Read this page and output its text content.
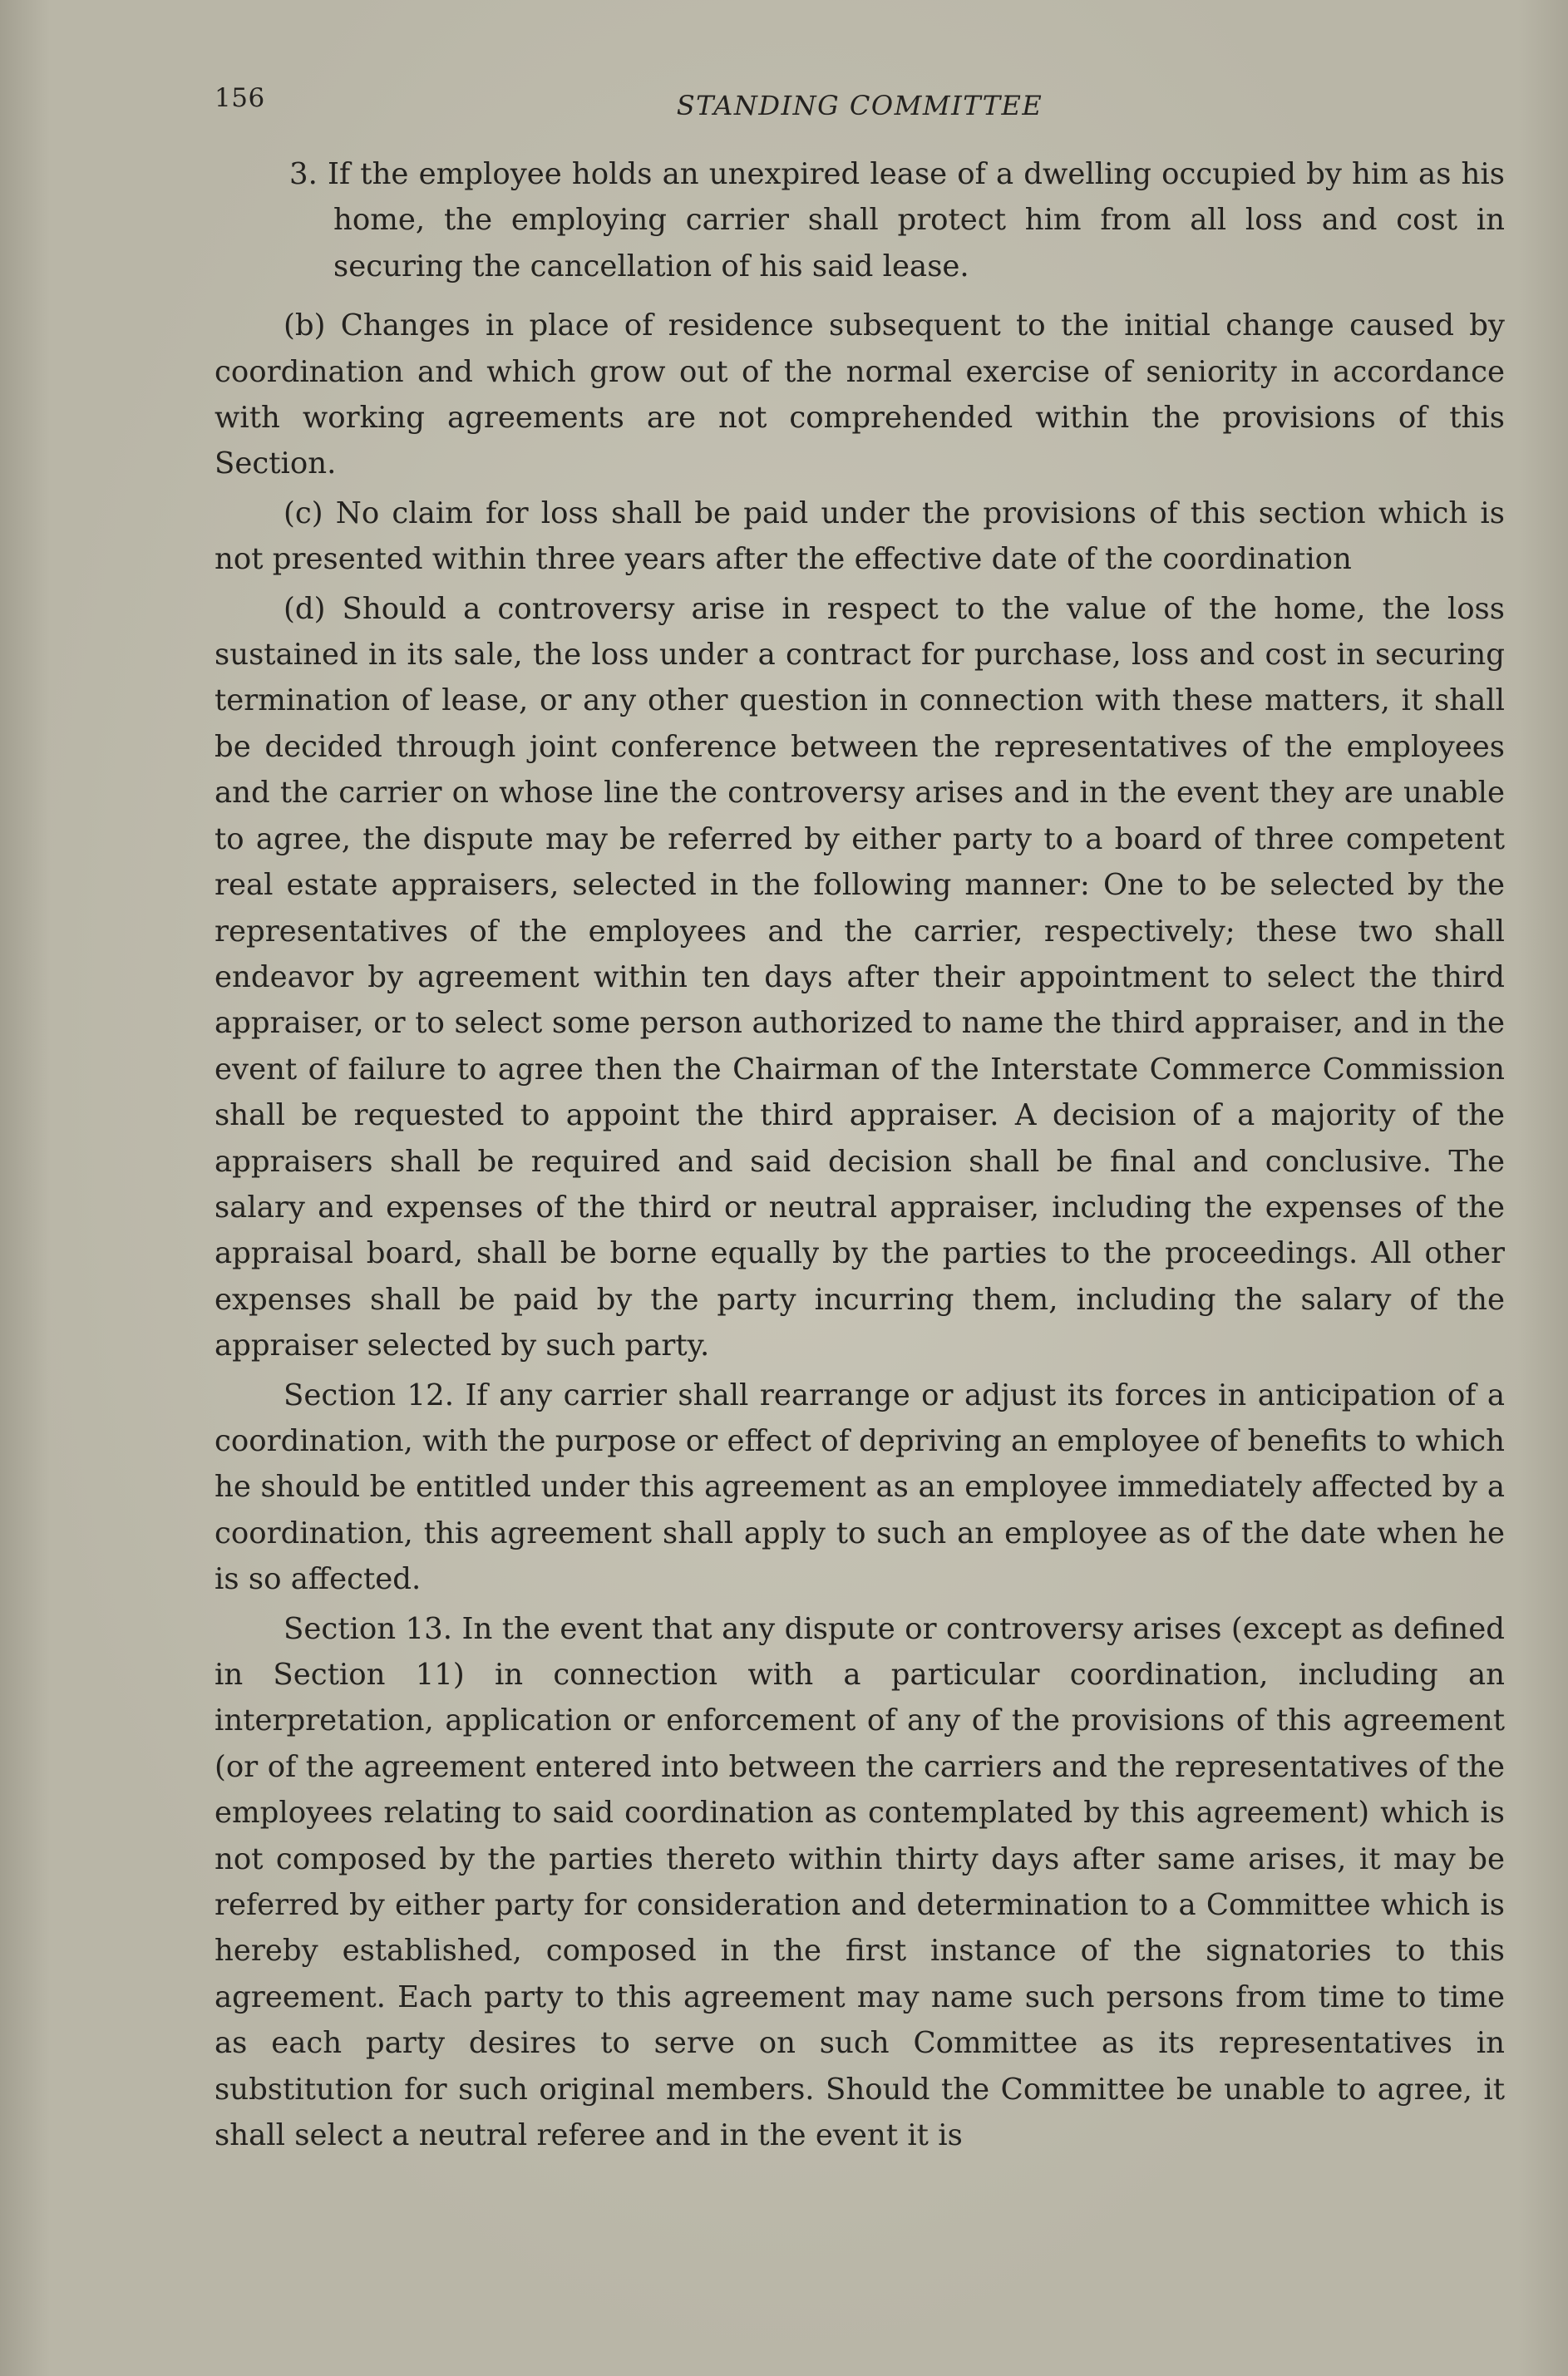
156	STANDING COMMITTEE

3. If the employee holds an unexpired lease of a dwelling occupied by him as his home, the employing carrier shall protect him from all loss and cost in securing the cancellation of his said lease.

(b) Changes in place of residence subsequent to the initial change caused by coordination and which grow out of the normal exercise of seniority in accordance with working agreements are not comprehended within the provisions of this Section.

(c) No claim for loss shall be paid under the provisions of this section which is not presented within three years after the effective date of the coordination

(d) Should a controversy arise in respect to the value of the home, the loss sustained in its sale, the loss under a contract for purchase, loss and cost in securing termination of lease, or any other question in connection with these matters, it shall be decided through joint conference between the representatives of the employees and the carrier on whose line the controversy arises and in the event they are unable to agree, the dispute may be referred by either party to a board of three competent real estate appraisers, selected in the following manner: One to be selected by the representatives of the employees and the carrier, respectively; these two shall endeavor by agreement within ten days after their appointment to select the third appraiser, or to select some person authorized to name the third appraiser, and in the event of failure to agree then the Chairman of the Interstate Commerce Commission shall be requested to appoint the third appraiser. A decision of a majority of the appraisers shall be required and said decision shall be final and conclusive. The salary and expenses of the third or neutral appraiser, including the expenses of the appraisal board, shall be borne equally by the parties to the proceedings. All other expenses shall be paid by the party incurring them, including the salary of the appraiser selected by such party.

Section 12. If any carrier shall rearrange or adjust its forces in anticipation of a coordination, with the purpose or effect of depriving an employee of benefits to which he should be entitled under this agreement as an employee immediately affected by a coordination, this agreement shall apply to such an employee as of the date when he is so affected.

Section 13. In the event that any dispute or controversy arises (except as defined in Section 11) in connection with a particular coordination, including an interpretation, application or enforcement of any of the provisions of this agreement (or of the agreement entered into between the carriers and the representatives of the employees relating to said coordination as contemplated by this agreement) which is not composed by the parties thereto within thirty days after same arises, it may be referred by either party for consideration and determination to a Committee which is hereby established, composed in the first instance of the signatories to this agreement. Each party to this agreement may name such persons from time to time as each party desires to serve on such Committee as its representatives in substitution for such original members. Should the Committee be unable to agree, it shall select a neutral referee and in the event it is
